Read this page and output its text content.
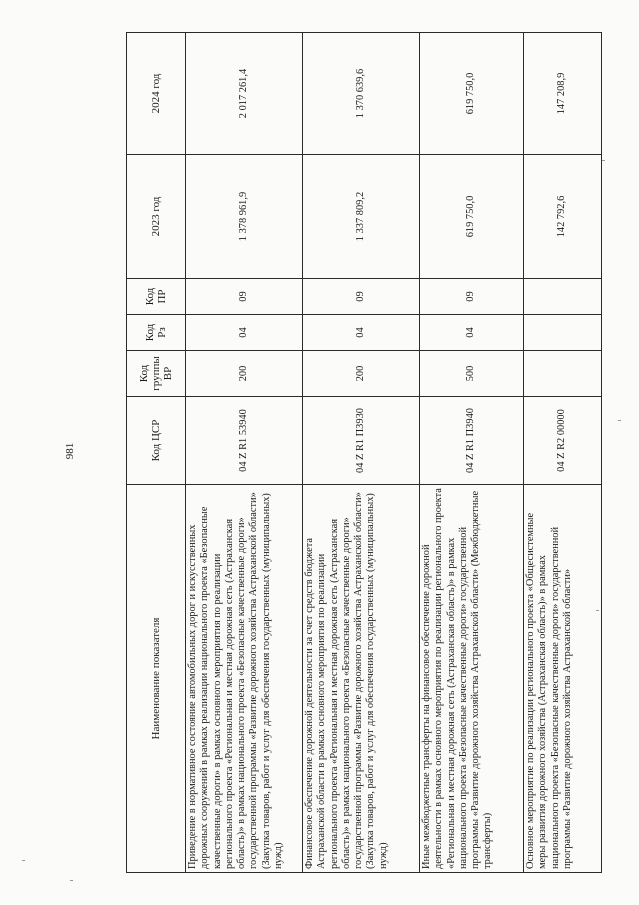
981
Наименование показателя	Код ЦСР	Код группы ВР	Код Рз	Код ПР	2023 год	2024 год
Приведение в нормативное состояние автомобильных дорог и искусственных дорожных сооружений в рамках реализации национального проекта «Безопасные качественные дороги» в рамках основного мероприятия по реализации регионального проекта «Региональная и местная дорожная сеть (Астраханская область)» в рамках национального проекта «Безопасные качественные дороги» государственной программы «Развитие дорожного хозяйства Астраханской области» (Закупка товаров, работ и услуг для обеспечения государственных (муниципальных) нужд)	04 Z R1 53940	200	04	09	1 378 961,9	2 017 261,4
Финансовое обеспечение дорожной деятельности за счет средств бюджета Астраханской области в рамках основного мероприятия по реализации регионального проекта «Региональная и местная дорожная сеть (Астраханская область)» в рамках национального проекта «Безопасные качественные дороги» государственной программы «Развитие дорожного хозяйства Астраханской области» (Закупка товаров, работ и услуг для обеспечения государственных (муниципальных) нужд)	04 Z R1 П3930	200	04	09	1 337 809,2	1 370 639,6
Иные межбюджетные трансферты на финансовое обеспечение дорожной деятельности в рамках основного мероприятия по реализации регионального проекта «Региональная и местная дорожная сеть (Астраханская область)» в рамках национального проекта «Безопасные качественные дороги» государственной программы «Развитие дорожного хозяйства Астраханской области» (Межбюджетные трансферты)	04 Z R1 П3940	500	04	09	619 750,0	619 750,0
Основное мероприятие по реализации регионального проекта «Общесистемные меры развития дорожного хозяйства (Астраханская область)» в рамках национального проекта «Безопасные качественные дороги» государственной программы «Развитие дорожного хозяйства Астраханской области»	04 Z R2 00000				142 792,6	147 208,9
